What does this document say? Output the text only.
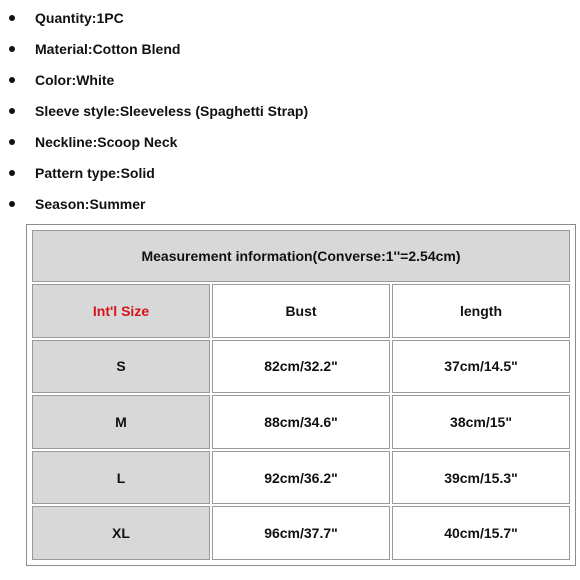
Quantity:1PC
Material:Cotton Blend
Color:White
Sleeve style:Sleeveless (Spaghetti Strap)
Neckline:Scoop Neck
Pattern type:Solid
Season:Summer
Measurement information(Converse:1''=2.54cm)		
Int'l Size	Bust	length
S	82cm/32.2"	37cm/14.5"
M	88cm/34.6"	38cm/15"
L	92cm/36.2"	39cm/15.3"
XL	96cm/37.7"	40cm/15.7"
